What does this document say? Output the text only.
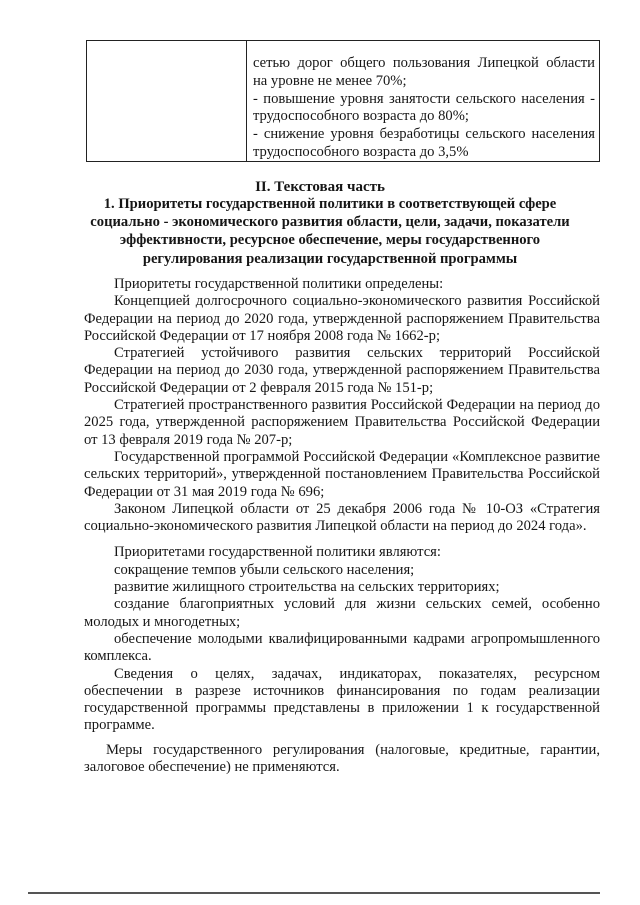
сетью дорог общего пользования Липецкой области
на уровне не менее 70%;
- повышение уровня занятости сельского населения -
трудоспособного возраста до 80%;
- снижение уровня безработицы сельского населения
трудоспособного возраста до 3,5%
II. Текстовая часть
1. Приоритеты государственной политики в соответствующей сфере социально - экономического развития области, цели, задачи, показатели эффективности, ресурсное обеспечение, меры государственного регулирования реализации государственной программы

Приоритеты государственной политики определены:

Концепцией долгосрочного социально-экономического развития Российской Федерации на период до 2020 года, утвержденной распоряжением Правительства Российской Федерации от 17 ноября 2008 года № 1662-р;

Стратегией устойчивого развития сельских территорий Российской Федерации на период до 2030 года, утвержденной распоряжением Правительства Российской Федерации от 2 февраля 2015 года № 151-р;

Стратегией пространственного развития Российской Федерации на период до 2025 года, утвержденной распоряжением Правительства Российской Федерации от 13 февраля 2019 года № 207-р;

Государственной программой Российской Федерации «Комплексное развитие сельских территорий», утвержденной постановлением Правительства Российской Федерации от 31 мая 2019 года № 696;

Законом Липецкой области от 25 декабря 2006 года № 10-ОЗ «Стратегия социально-экономического развития Липецкой области на период до 2024 года».

Приоритетами государственной политики являются:

сокращение темпов убыли сельского населения;

развитие жилищного строительства на сельских территориях;

создание благоприятных условий для жизни сельских семей, особенно молодых и многодетных;

обеспечение молодыми квалифицированными кадрами агропромышленного комплекса.

Сведения о целях, задачах, индикаторах, показателях, ресурсном обеспечении в разрезе источников финансирования по годам реализации государственной программы представлены в приложении 1 к государственной программе.

Меры государственного регулирования (налоговые, кредитные, гарантии, залоговое обеспечение) не применяются.
